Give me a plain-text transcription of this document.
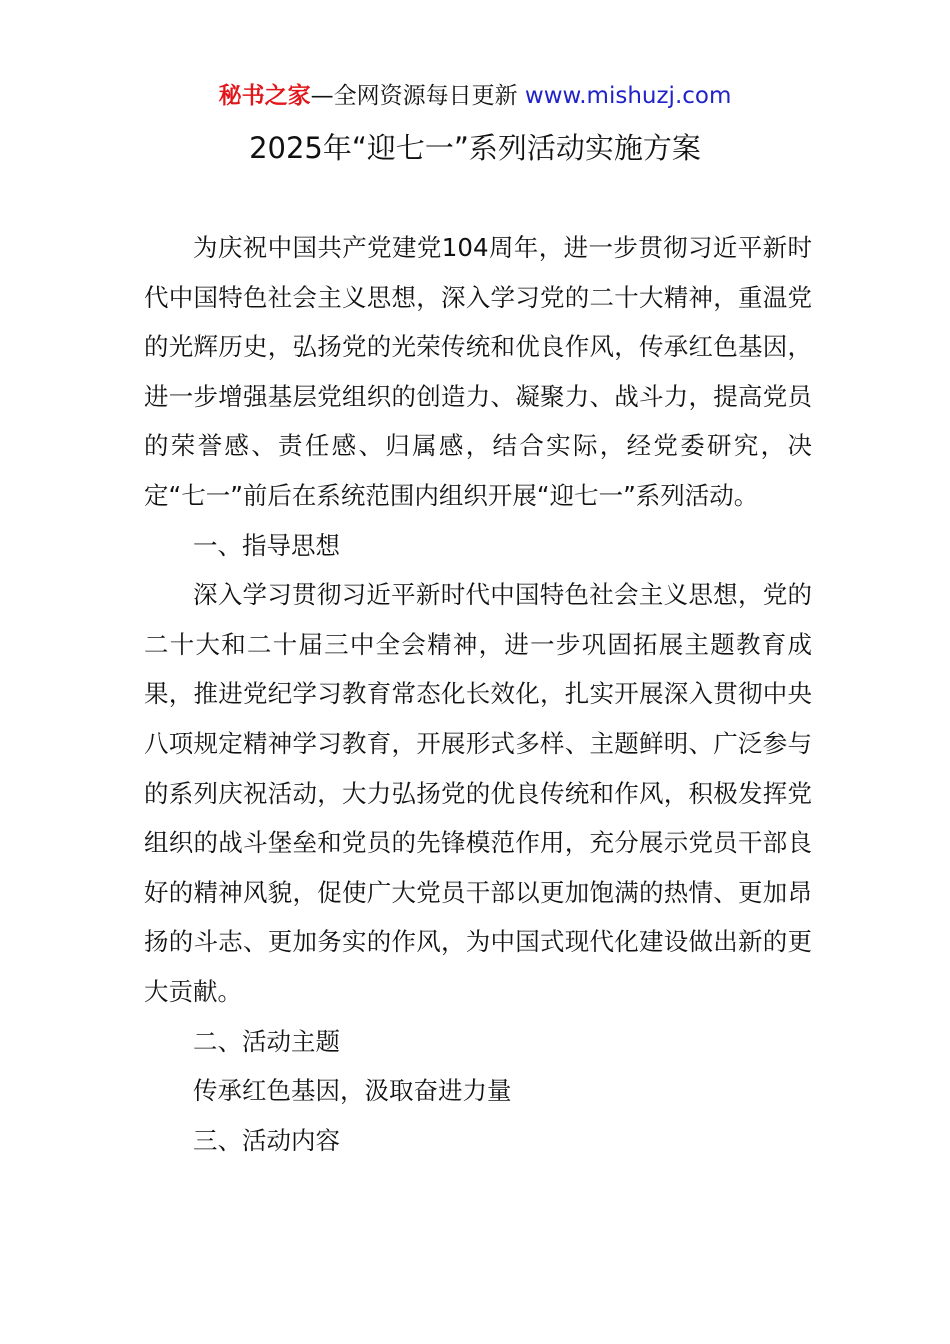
秘书之家—全网资源每日更新 www.mishuzj.com
2025年“迎七一”系列活动实施方案

为庆祝中国共产党建党104周年，进一步贯彻习近平新时代中国特色社会主义思想，深入学习党的二十大精神，重温党的光辉历史，弘扬党的光荣传统和优良作风，传承红色基因，进一步增强基层党组织的创造力、凝聚力、战斗力，提高党员的荣誉感、责任感、归属感，结合实际，经党委研究，决定“七一”前后在系统范围内组织开展“迎七一”系列活动。

一、指导思想

深入学习贯彻习近平新时代中国特色社会主义思想，党的二十大和二十届三中全会精神，进一步巩固拓展主题教育成果，推进党纪学习教育常态化长效化，扎实开展深入贯彻中央八项规定精神学习教育，开展形式多样、主题鲜明、广泛参与的系列庆祝活动，大力弘扬党的优良传统和作风，积极发挥党组织的战斗堡垒和党员的先锋模范作用，充分展示党员干部良好的精神风貌，促使广大党员干部以更加饱满的热情、更加昂扬的斗志、更加务实的作风，为中国式现代化建设做出新的更大贡献。

二、活动主题

传承红色基因，汲取奋进力量

三、活动内容
